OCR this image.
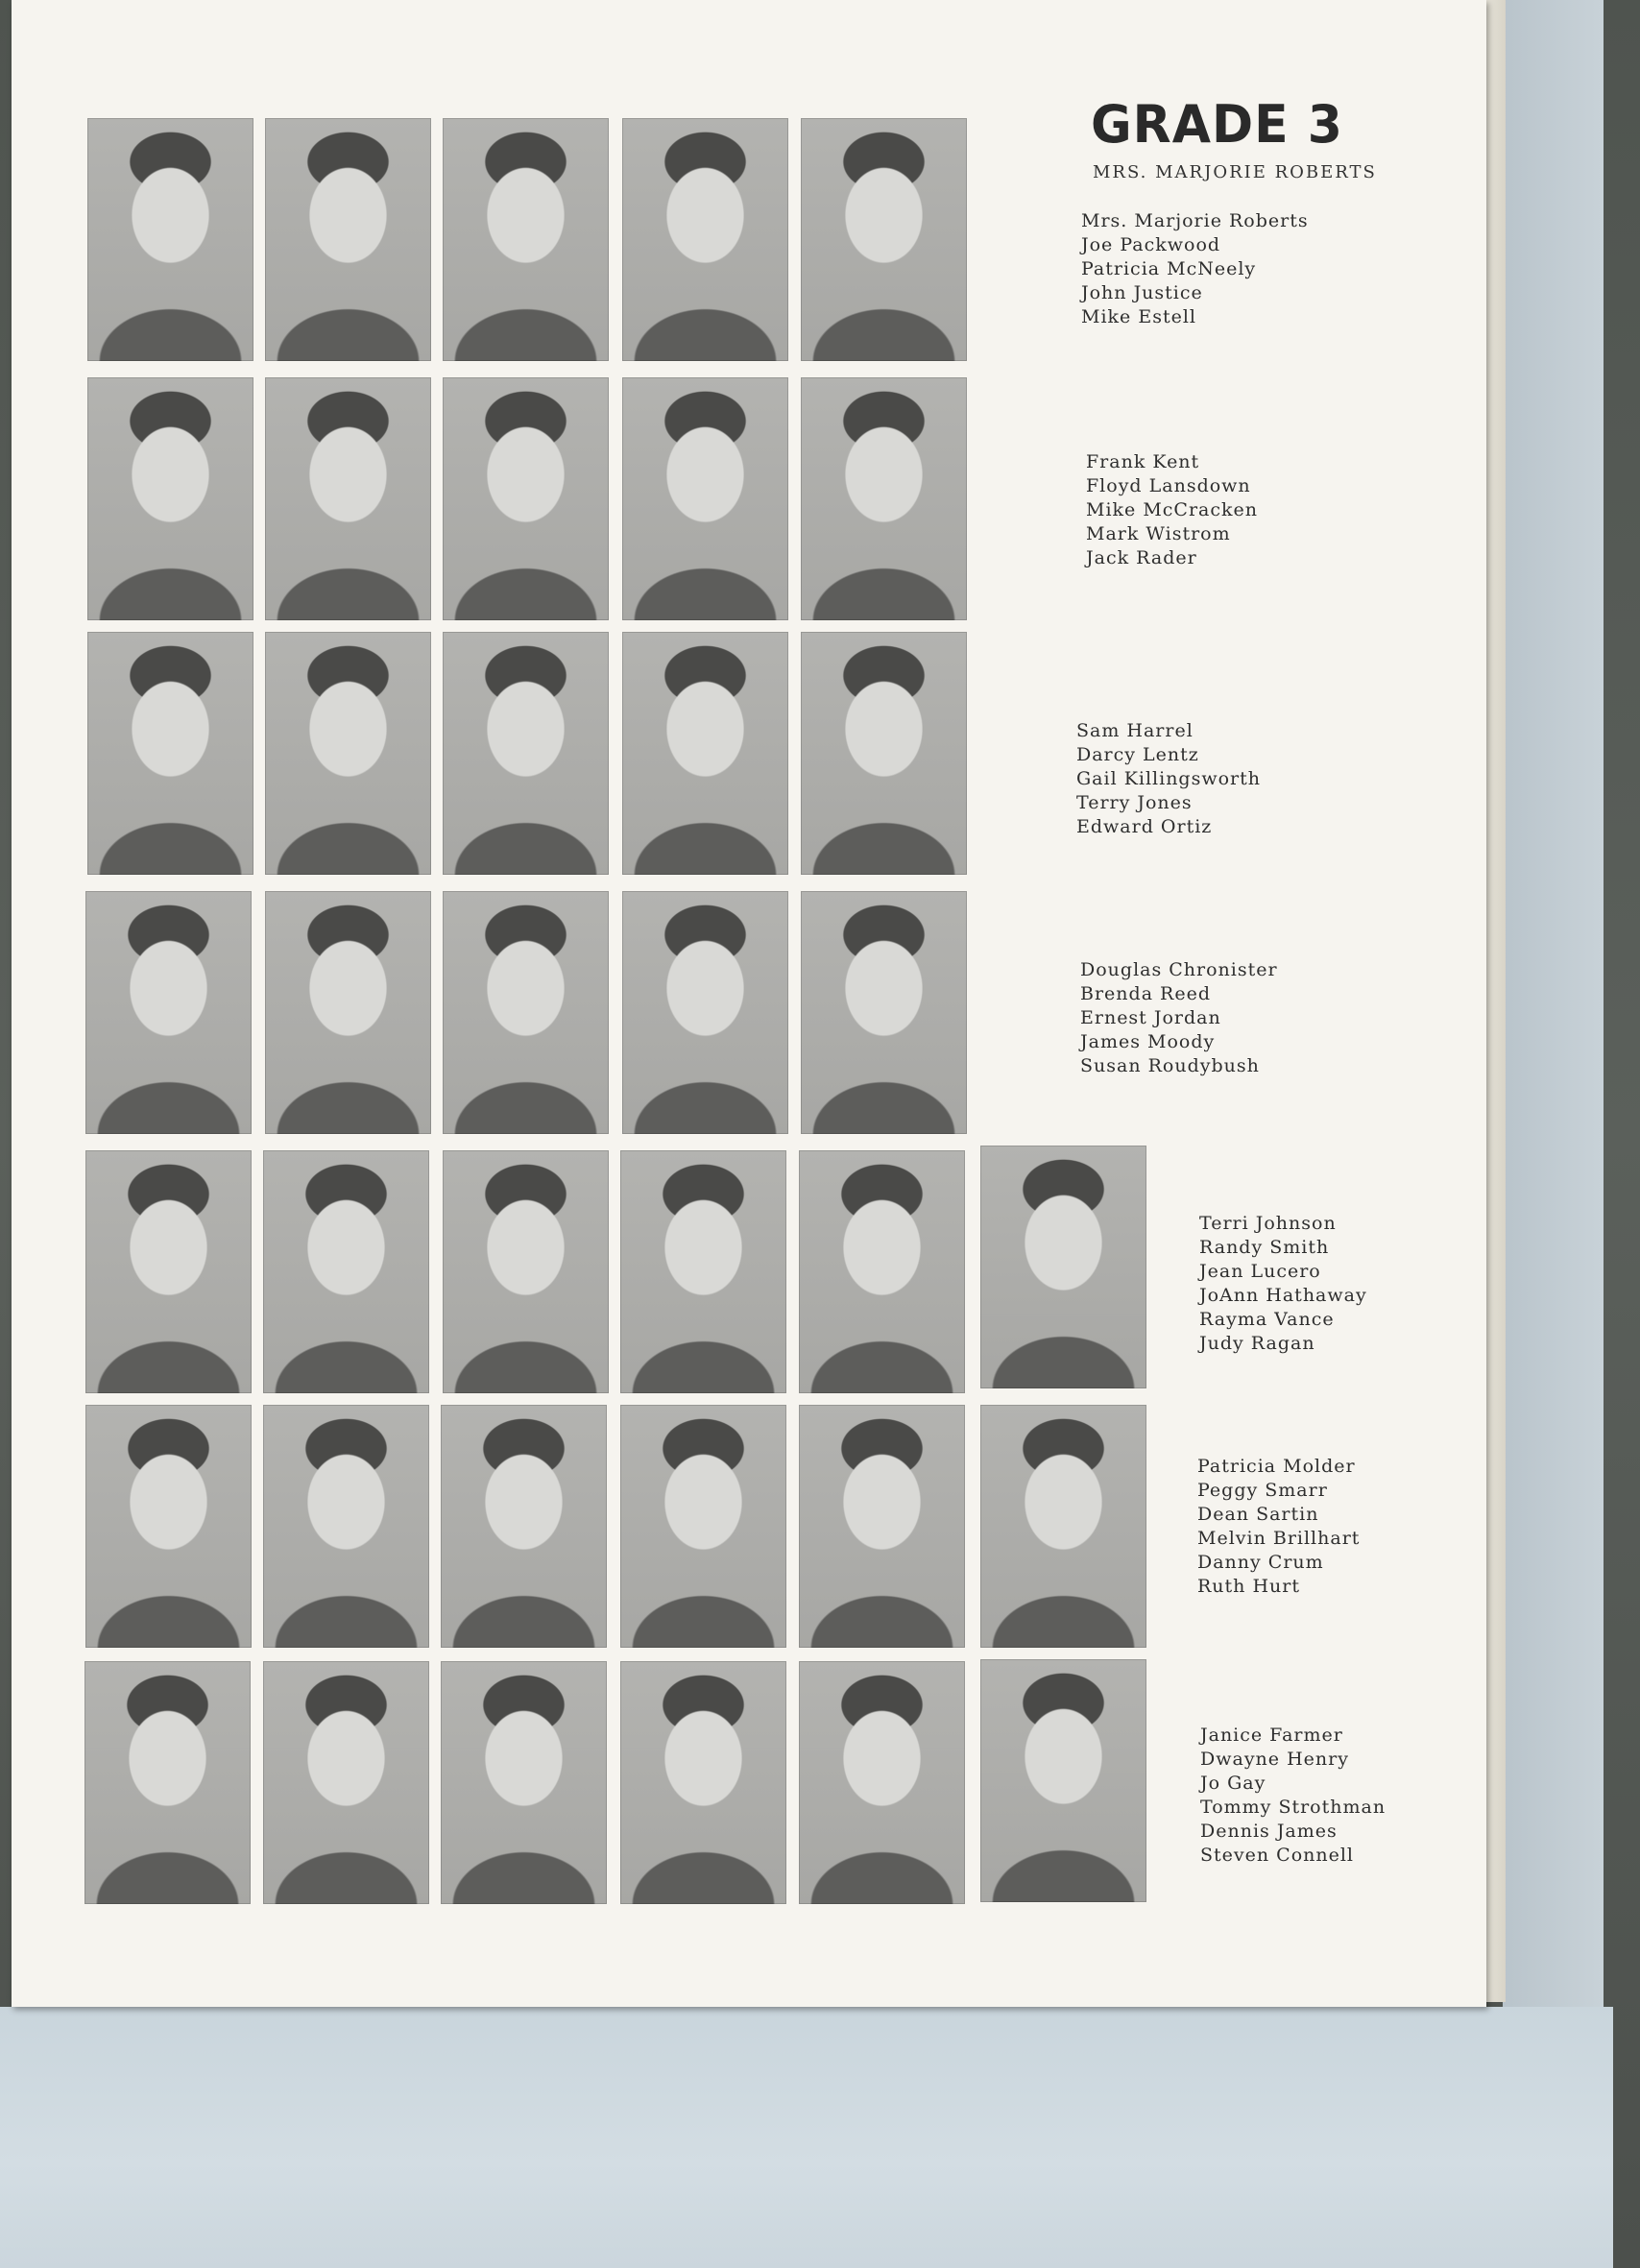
GRADE 3
MRS. MARJORIE ROBERTS
Mrs. Marjorie Roberts
Joe Packwood
Patricia McNeely
John Justice
Mike Estell
Frank Kent
Floyd Lansdown
Mike McCracken
Mark Wistrom
Jack Rader
Sam Harrel
Darcy Lentz
Gail Killingsworth
Terry Jones
Edward Ortiz
Douglas Chronister
Brenda Reed
Ernest Jordan
James Moody
Susan Roudybush
Terri Johnson
Randy Smith
Jean Lucero
JoAnn Hathaway
Rayma Vance
Judy Ragan
Patricia Molder
Peggy Smarr
Dean Sartin
Melvin Brillhart
Danny Crum
Ruth Hurt
Janice Farmer
Dwayne Henry
Jo Gay
Tommy Strothman
Dennis James
Steven Connell
